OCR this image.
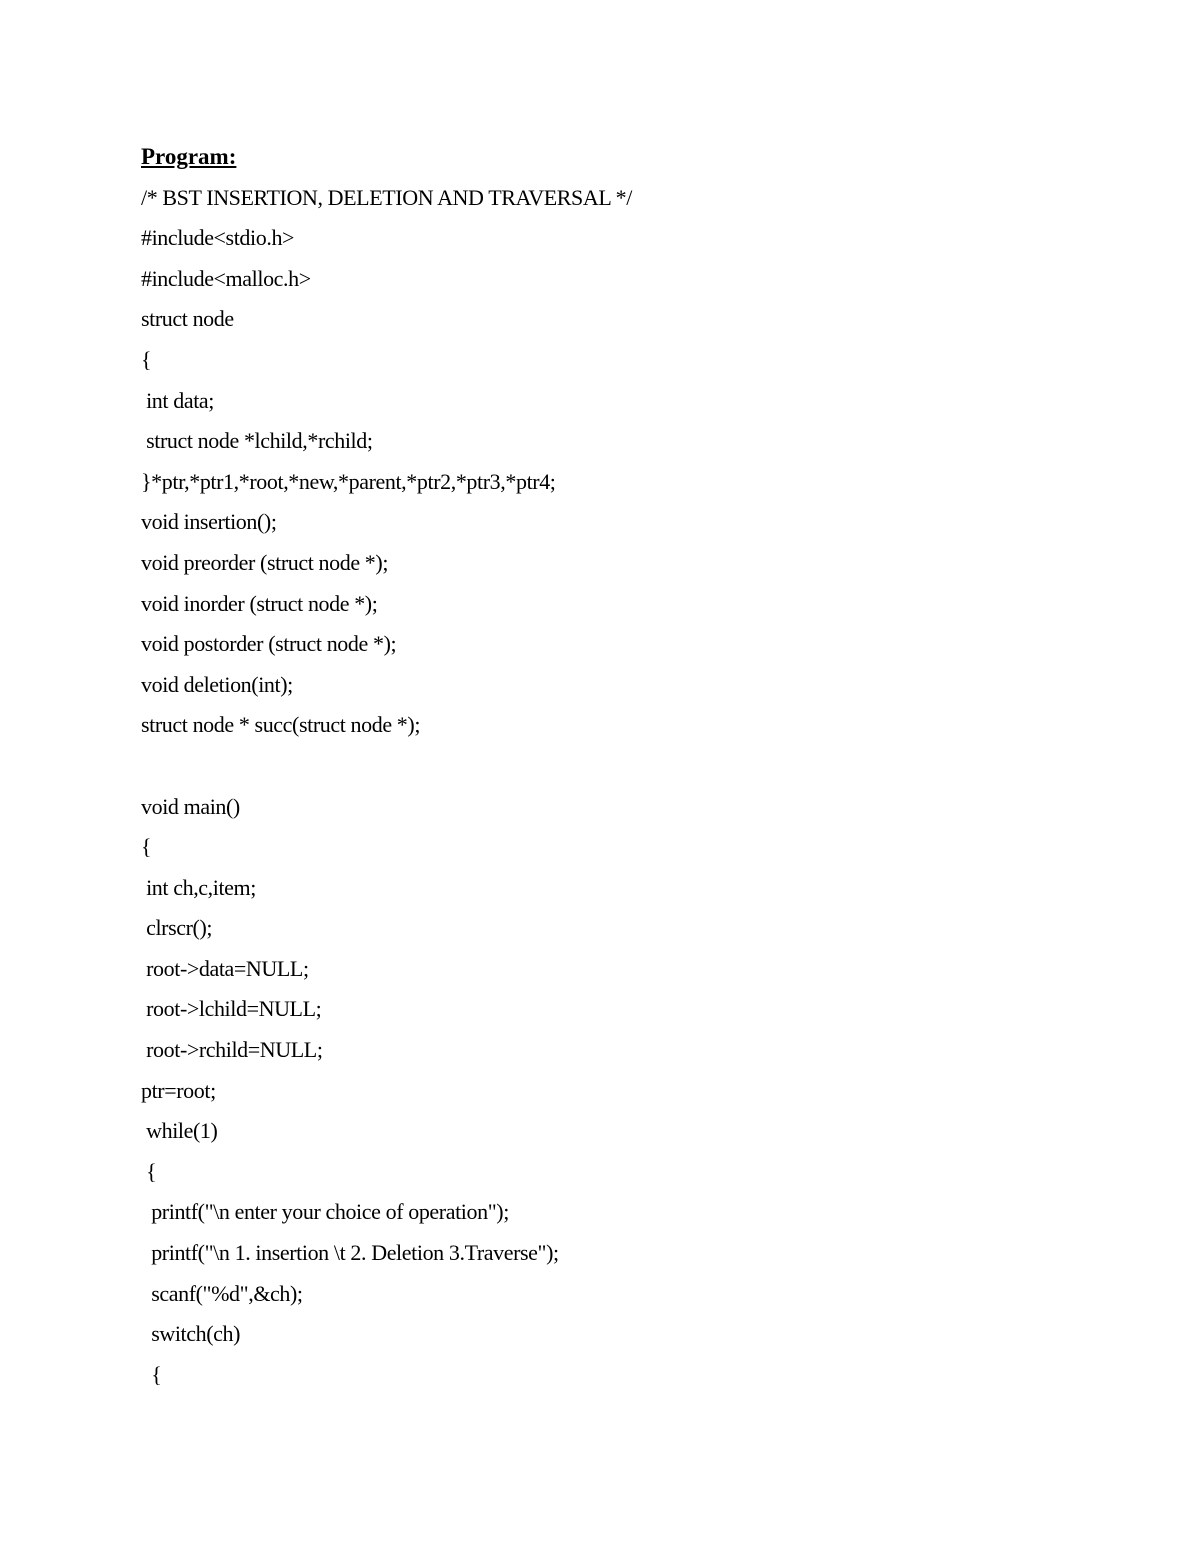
Program:
/* BST INSERTION, DELETION AND TRAVERSAL */
#include<stdio.h>
#include<malloc.h>
struct node
{
int data;
struct node *lchild,*rchild;
}*ptr,*ptr1,*root,*new,*parent,*ptr2,*ptr3,*ptr4;
void insertion();
void preorder (struct node *);
void inorder (struct node *);
void postorder (struct node *);
void deletion(int);
struct node * succ(struct node *);
void main()
{
int ch,c,item;
clrscr();
root->data=NULL;
root->lchild=NULL;
root->rchild=NULL;
ptr=root;
while(1)
{
printf("\n enter your choice of operation");
printf("\n 1. insertion \t 2. Deletion 3.Traverse");
scanf("%d",&ch);
switch(ch)
{
